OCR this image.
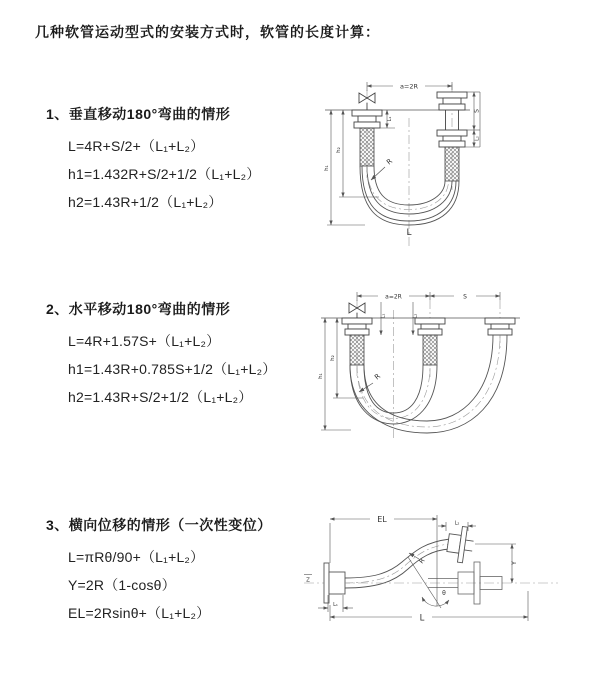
几种软管运动型式的安装方式时，软管的长度计算：
1、垂直移动180°弯曲的情形
L=4R+S/2+（L₁+L₂）
h1=1.432R+S/2+1/2（L₁+L₂）
h2=1.43R+1/2（L₁+L₂）
2、水平移动180°弯曲的情形
L=4R+1.57S+（L₁+L₂）
h1=1.43R+0.785S+1/2（L₁+L₂）
h2=1.43R+S/2+1/2（L₁+L₂）
3、横向位移的情形（一次性变位）
L=πRθ/90+（L₁+L₂）
Y=2R（1-cosθ）
EL=2Rsinθ+（L₁+L₂）
a=2R
R
h₁
h₂
L₁
S
L₂
L
a=2R	S
L₁	L₂
R
h₁
h₂
Z
EL	L₂
Y
θ
R
L₁
L
